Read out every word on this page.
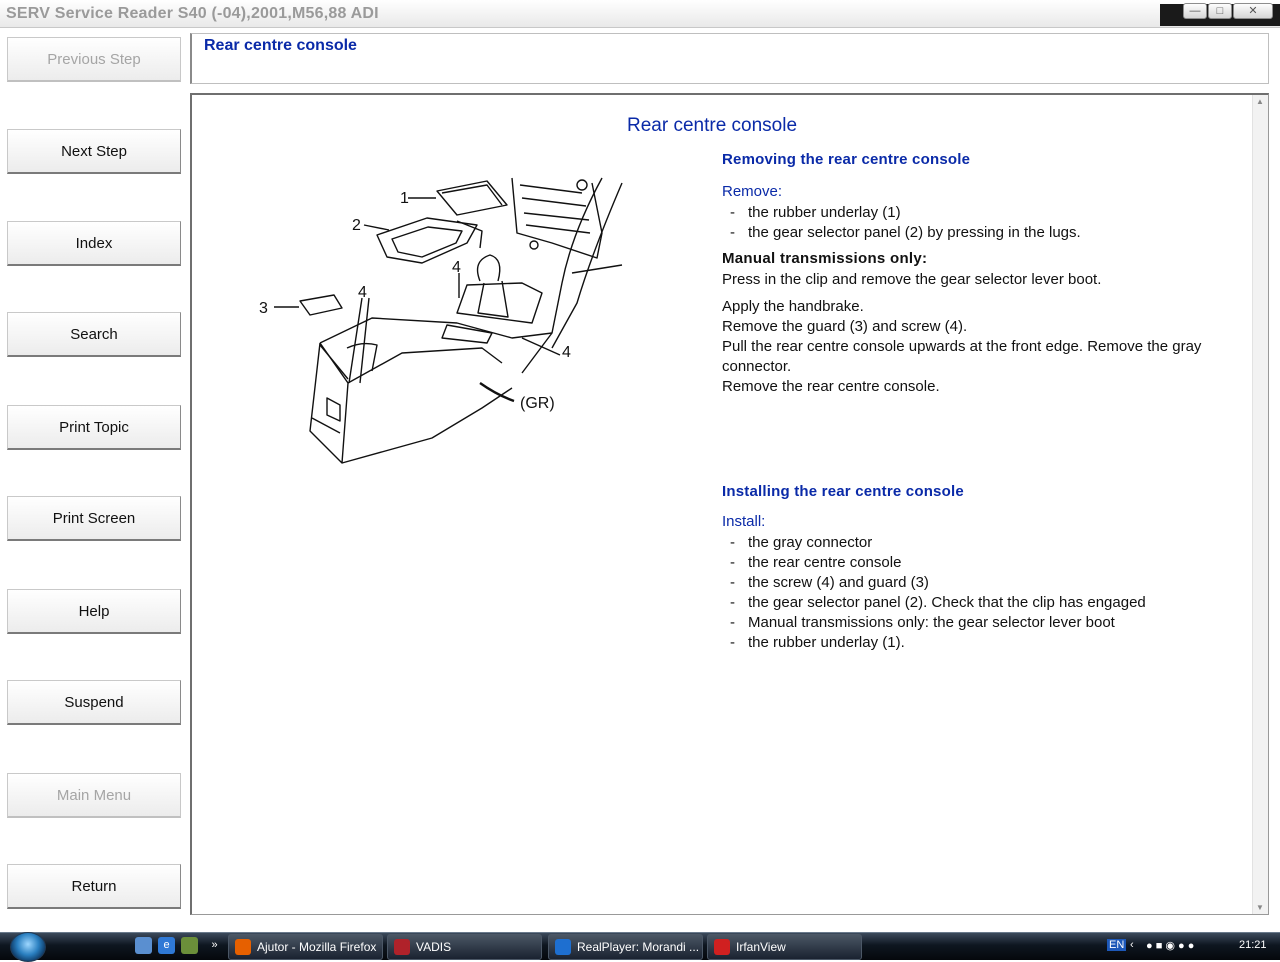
SERV Service Reader S40 (-04),2001,M56,88 ADI	—	□	✕
Previous Step
Next Step
Index
Search
Print Topic
Print Screen
Help
Suspend
Main Menu
Return
Rear centre console
Rear centre console
1
2
3
4
4
4
(GR)
Removing the rear centre console
Remove:
- the rubber underlay (1)
- the gear selector panel (2) by pressing in the lugs.
Manual transmissions only:
Press in the clip and remove the gear selector lever boot.
Apply the handbrake.
Remove the guard (3) and screw (4).
Pull the rear centre console upwards at the front edge. Remove the gray connector.
Remove the rear centre console.
Installing the rear centre console
Install:
- the gray connector
- the rear centre console
- the screw (4) and guard (3)
- the gear selector panel (2). Check that the clip has engaged
- Manual transmissions only: the gear selector lever boot
- the rubber underlay (1).
▲
▼
e	»	Ajutor - Mozilla Firefox	VADIS	RealPlayer: Morandi ...	IrfanView	EN ‹ ● ■ ◉ ● ●	21:21
